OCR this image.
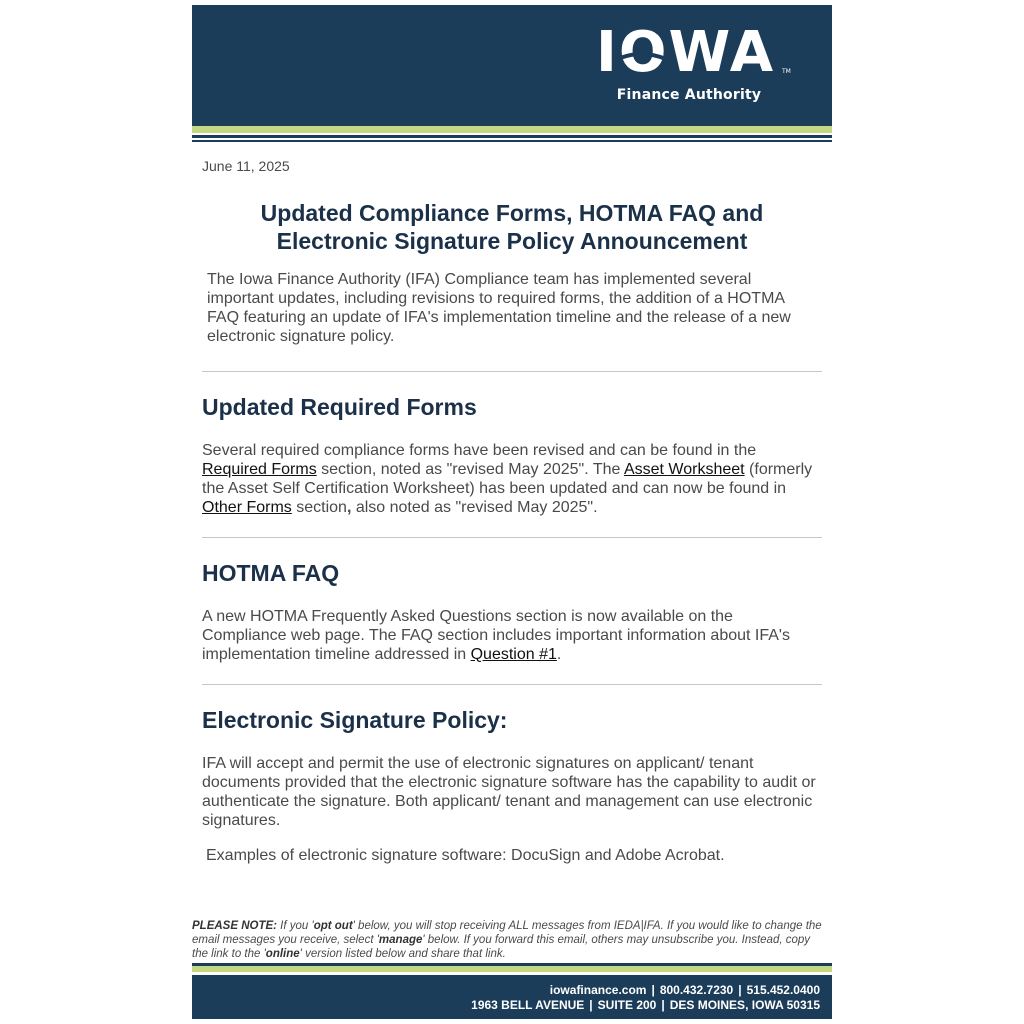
IOWA TM
Finance Authority
June 11, 2025
Updated Compliance Forms, HOTMA FAQ and
Electronic Signature Policy Announcement
The Iowa Finance Authority (IFA) Compliance team has implemented several important updates, including revisions to required forms, the addition of a HOTMA FAQ featuring an update of IFA's implementation timeline and the release of a new electronic signature policy.
Updated Required Forms
Several required compliance forms have been revised and can be found in the Required Forms section, noted as "revised May 2025". The Asset Worksheet (formerly the Asset Self Certification Worksheet) has been updated and can now be found in Other Forms section, also noted as "revised May 2025".
HOTMA FAQ
A new HOTMA Frequently Asked Questions section is now available on the Compliance web page. The FAQ section includes important information about IFA's implementation timeline addressed in Question #1.
Electronic Signature Policy:
IFA will accept and permit the use of electronic signatures on applicant/ tenant documents provided that the electronic signature software has the capability to audit or authenticate the signature. Both applicant/ tenant and management can use electronic signatures.
Examples of electronic signature software: DocuSign and Adobe Acrobat.
PLEASE NOTE: If you 'opt out' below, you will stop receiving ALL messages from IEDA|IFA. If you would like to change the email messages you receive, select 'manage' below. If you forward this email, others may unsubscribe you. Instead, copy the link to the 'online' version listed below and share that link.
iowafinance.com | 800.432.7230 | 515.452.0400
1963 BELL AVENUE | SUITE 200 | DES MOINES, IOWA 50315
